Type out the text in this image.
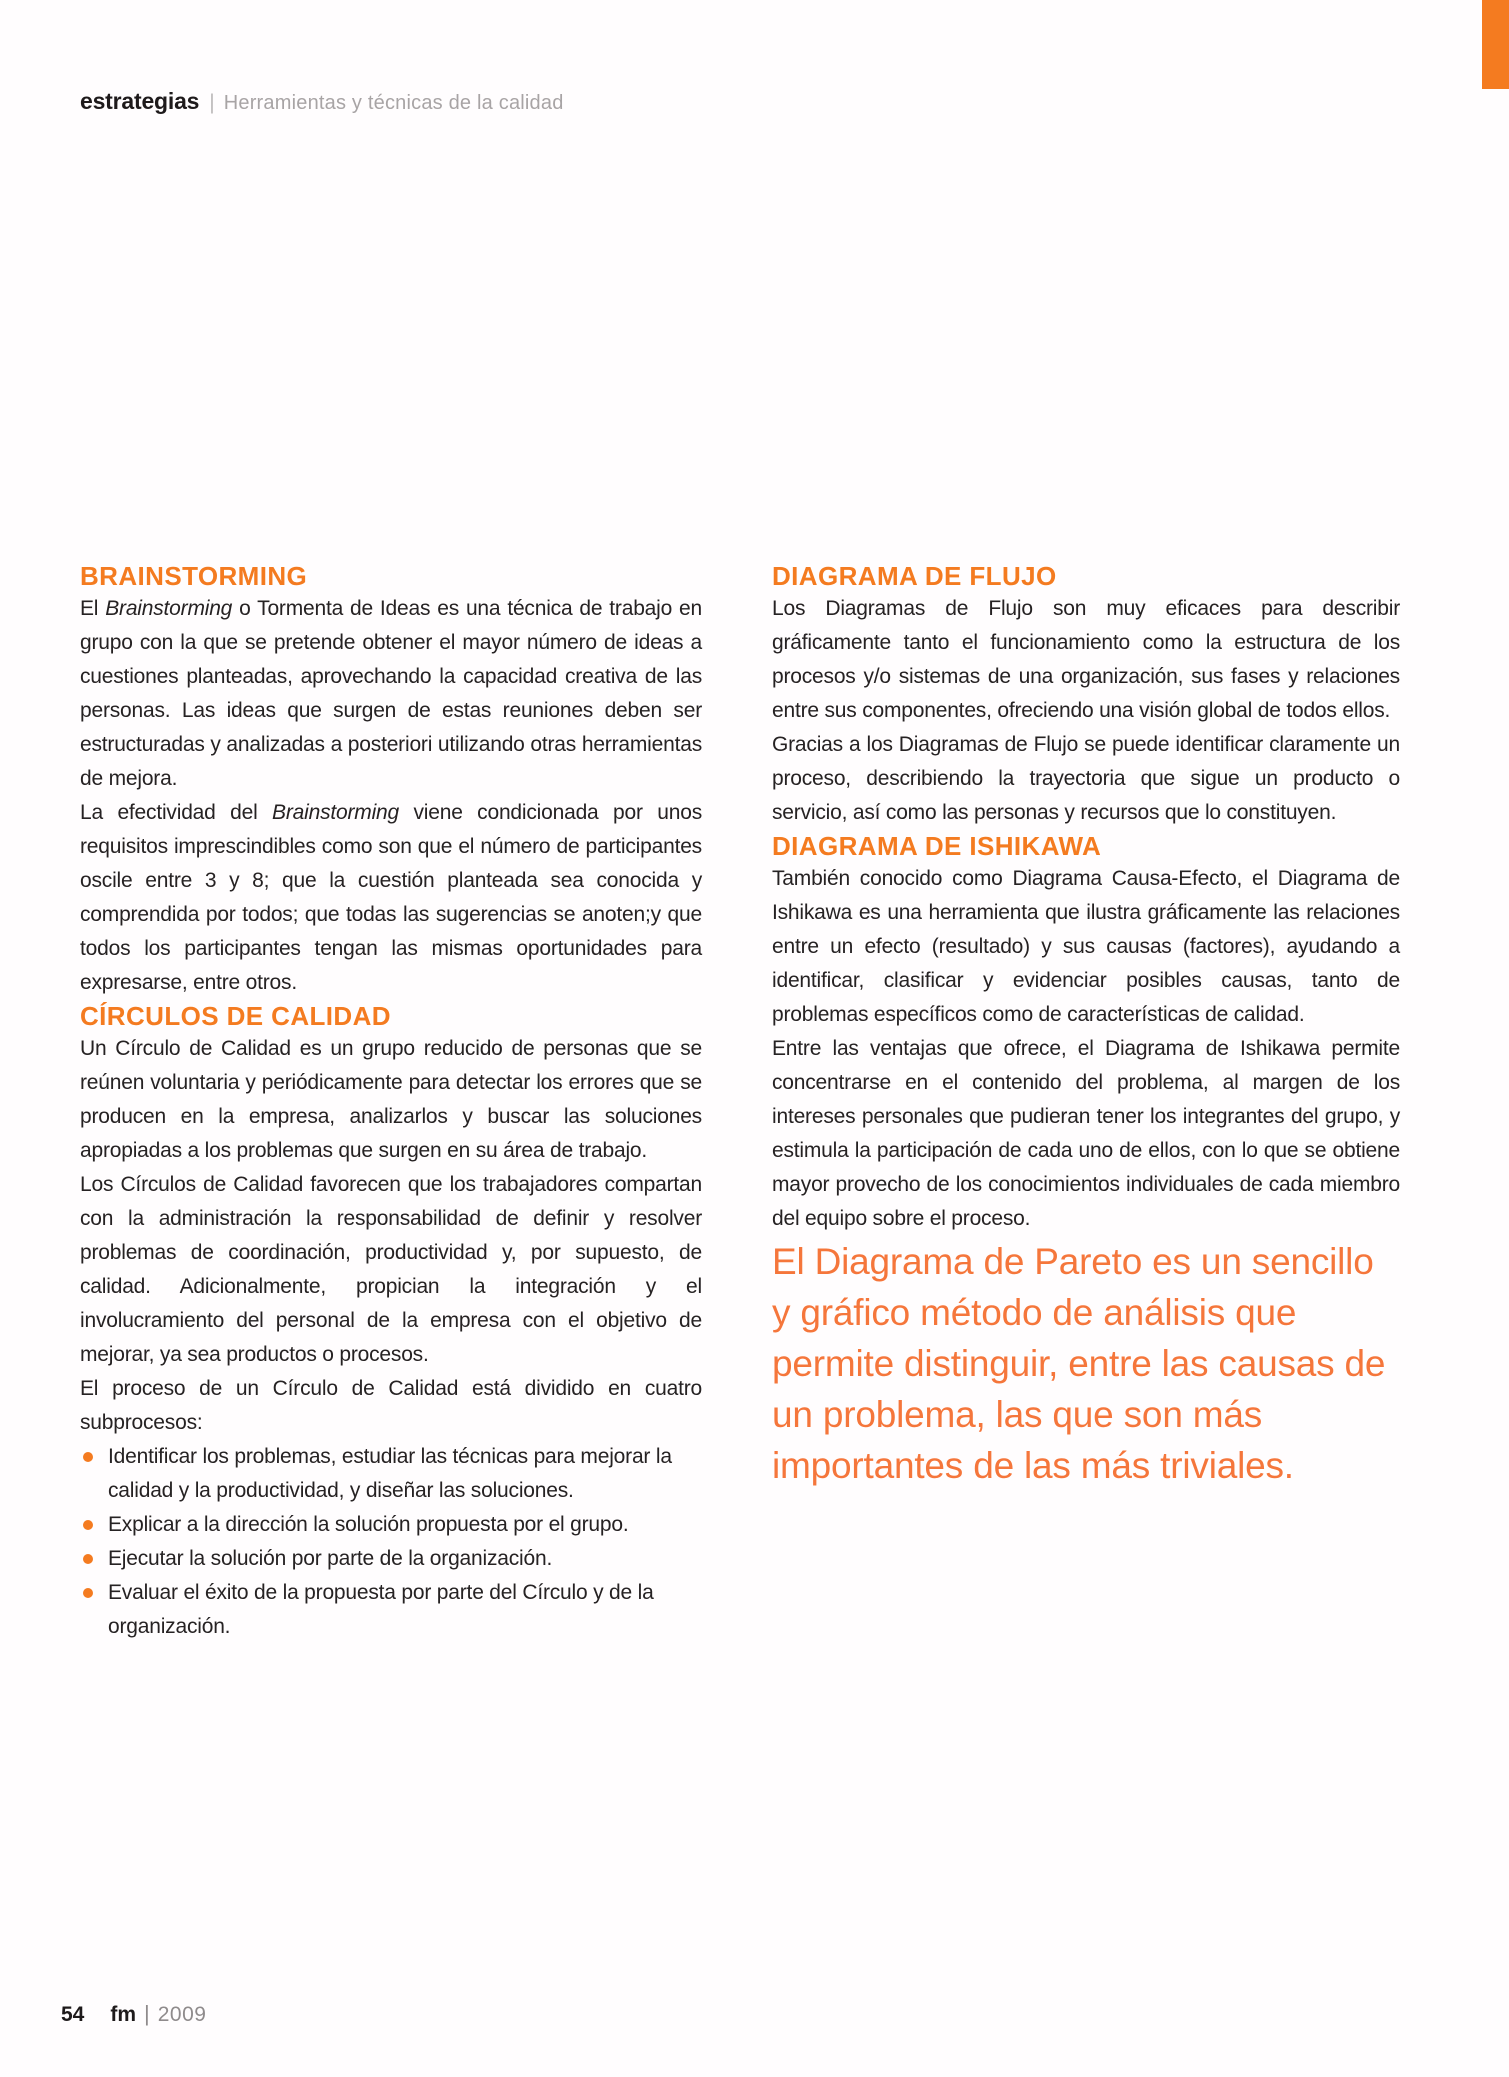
estrategias | Herramientas y técnicas de la calidad
BRAINSTORMING

El Brainstorming o Tormenta de Ideas es una técnica de trabajo en grupo con la que se pretende obtener el mayor número de ideas a cuestiones planteadas, aprovechando la capacidad creativa de las personas. Las ideas que surgen de estas reuniones deben ser estructuradas y analizadas a posteriori utilizando otras herramientas de mejora.

La efectividad del Brainstorming viene condicionada por unos requisitos imprescindibles como son que el número de participantes oscile entre 3 y 8; que la cuestión planteada sea conocida y comprendida por todos; que todas las sugerencias se anoten;y que todos los participantes tengan las mismas oportunidades para expresarse, entre otros.

CÍRCULOS DE CALIDAD

Un Círculo de Calidad es un grupo reducido de personas que se reúnen voluntaria y periódicamente para detectar los errores que se producen en la empresa, analizarlos y buscar las soluciones apropiadas a los problemas que surgen en su área de trabajo.

Los Círculos de Calidad favorecen que los trabajadores compartan con la administración la responsabilidad de definir y resolver problemas de coordinación, productividad y, por supuesto, de calidad. Adicionalmente, propician la integración y el involucramiento del personal de la empresa con el objetivo de mejorar, ya sea productos o procesos.

El proceso de un Círculo de Calidad está dividido en cuatro subprocesos:

Identificar los problemas, estudiar las técnicas para mejorar la calidad y la productividad, y diseñar las soluciones.
Explicar a la dirección la solución propuesta por el grupo.
Ejecutar la solución por parte de la organización.
Evaluar el éxito de la propuesta por parte del Círculo y de la organización.
DIAGRAMA DE FLUJO

Los Diagramas de Flujo son muy eficaces para describir gráficamente tanto el funcionamiento como la estructura de los procesos y/o sistemas de una organización, sus fases y relaciones entre sus componentes, ofreciendo una visión global de todos ellos.

Gracias a los Diagramas de Flujo se puede identificar claramente un proceso, describiendo la trayectoria que sigue un producto o servicio, así como las personas y recursos que lo constituyen.

DIAGRAMA DE ISHIKAWA

También conocido como Diagrama Causa-Efecto, el Diagrama de Ishikawa es una herramienta que ilustra gráficamente las relaciones entre un efecto (resultado) y sus causas (factores), ayudando a identificar, clasificar y evidenciar posibles causas, tanto de problemas específicos como de características de calidad.

Entre las ventajas que ofrece, el Diagrama de Ishikawa permite concentrarse en el contenido del problema, al margen de los intereses personales que pudieran tener los integrantes del grupo, y estimula la participación de cada uno de ellos, con lo que se obtiene mayor provecho de los conocimientos individuales de cada miembro del equipo sobre el proceso.

El Diagrama de Pareto es un sencillo y gráfico método de análisis que permite distinguir, entre las causas de un problema, las que son más importantes de las más triviales.

54 fm | 2009
